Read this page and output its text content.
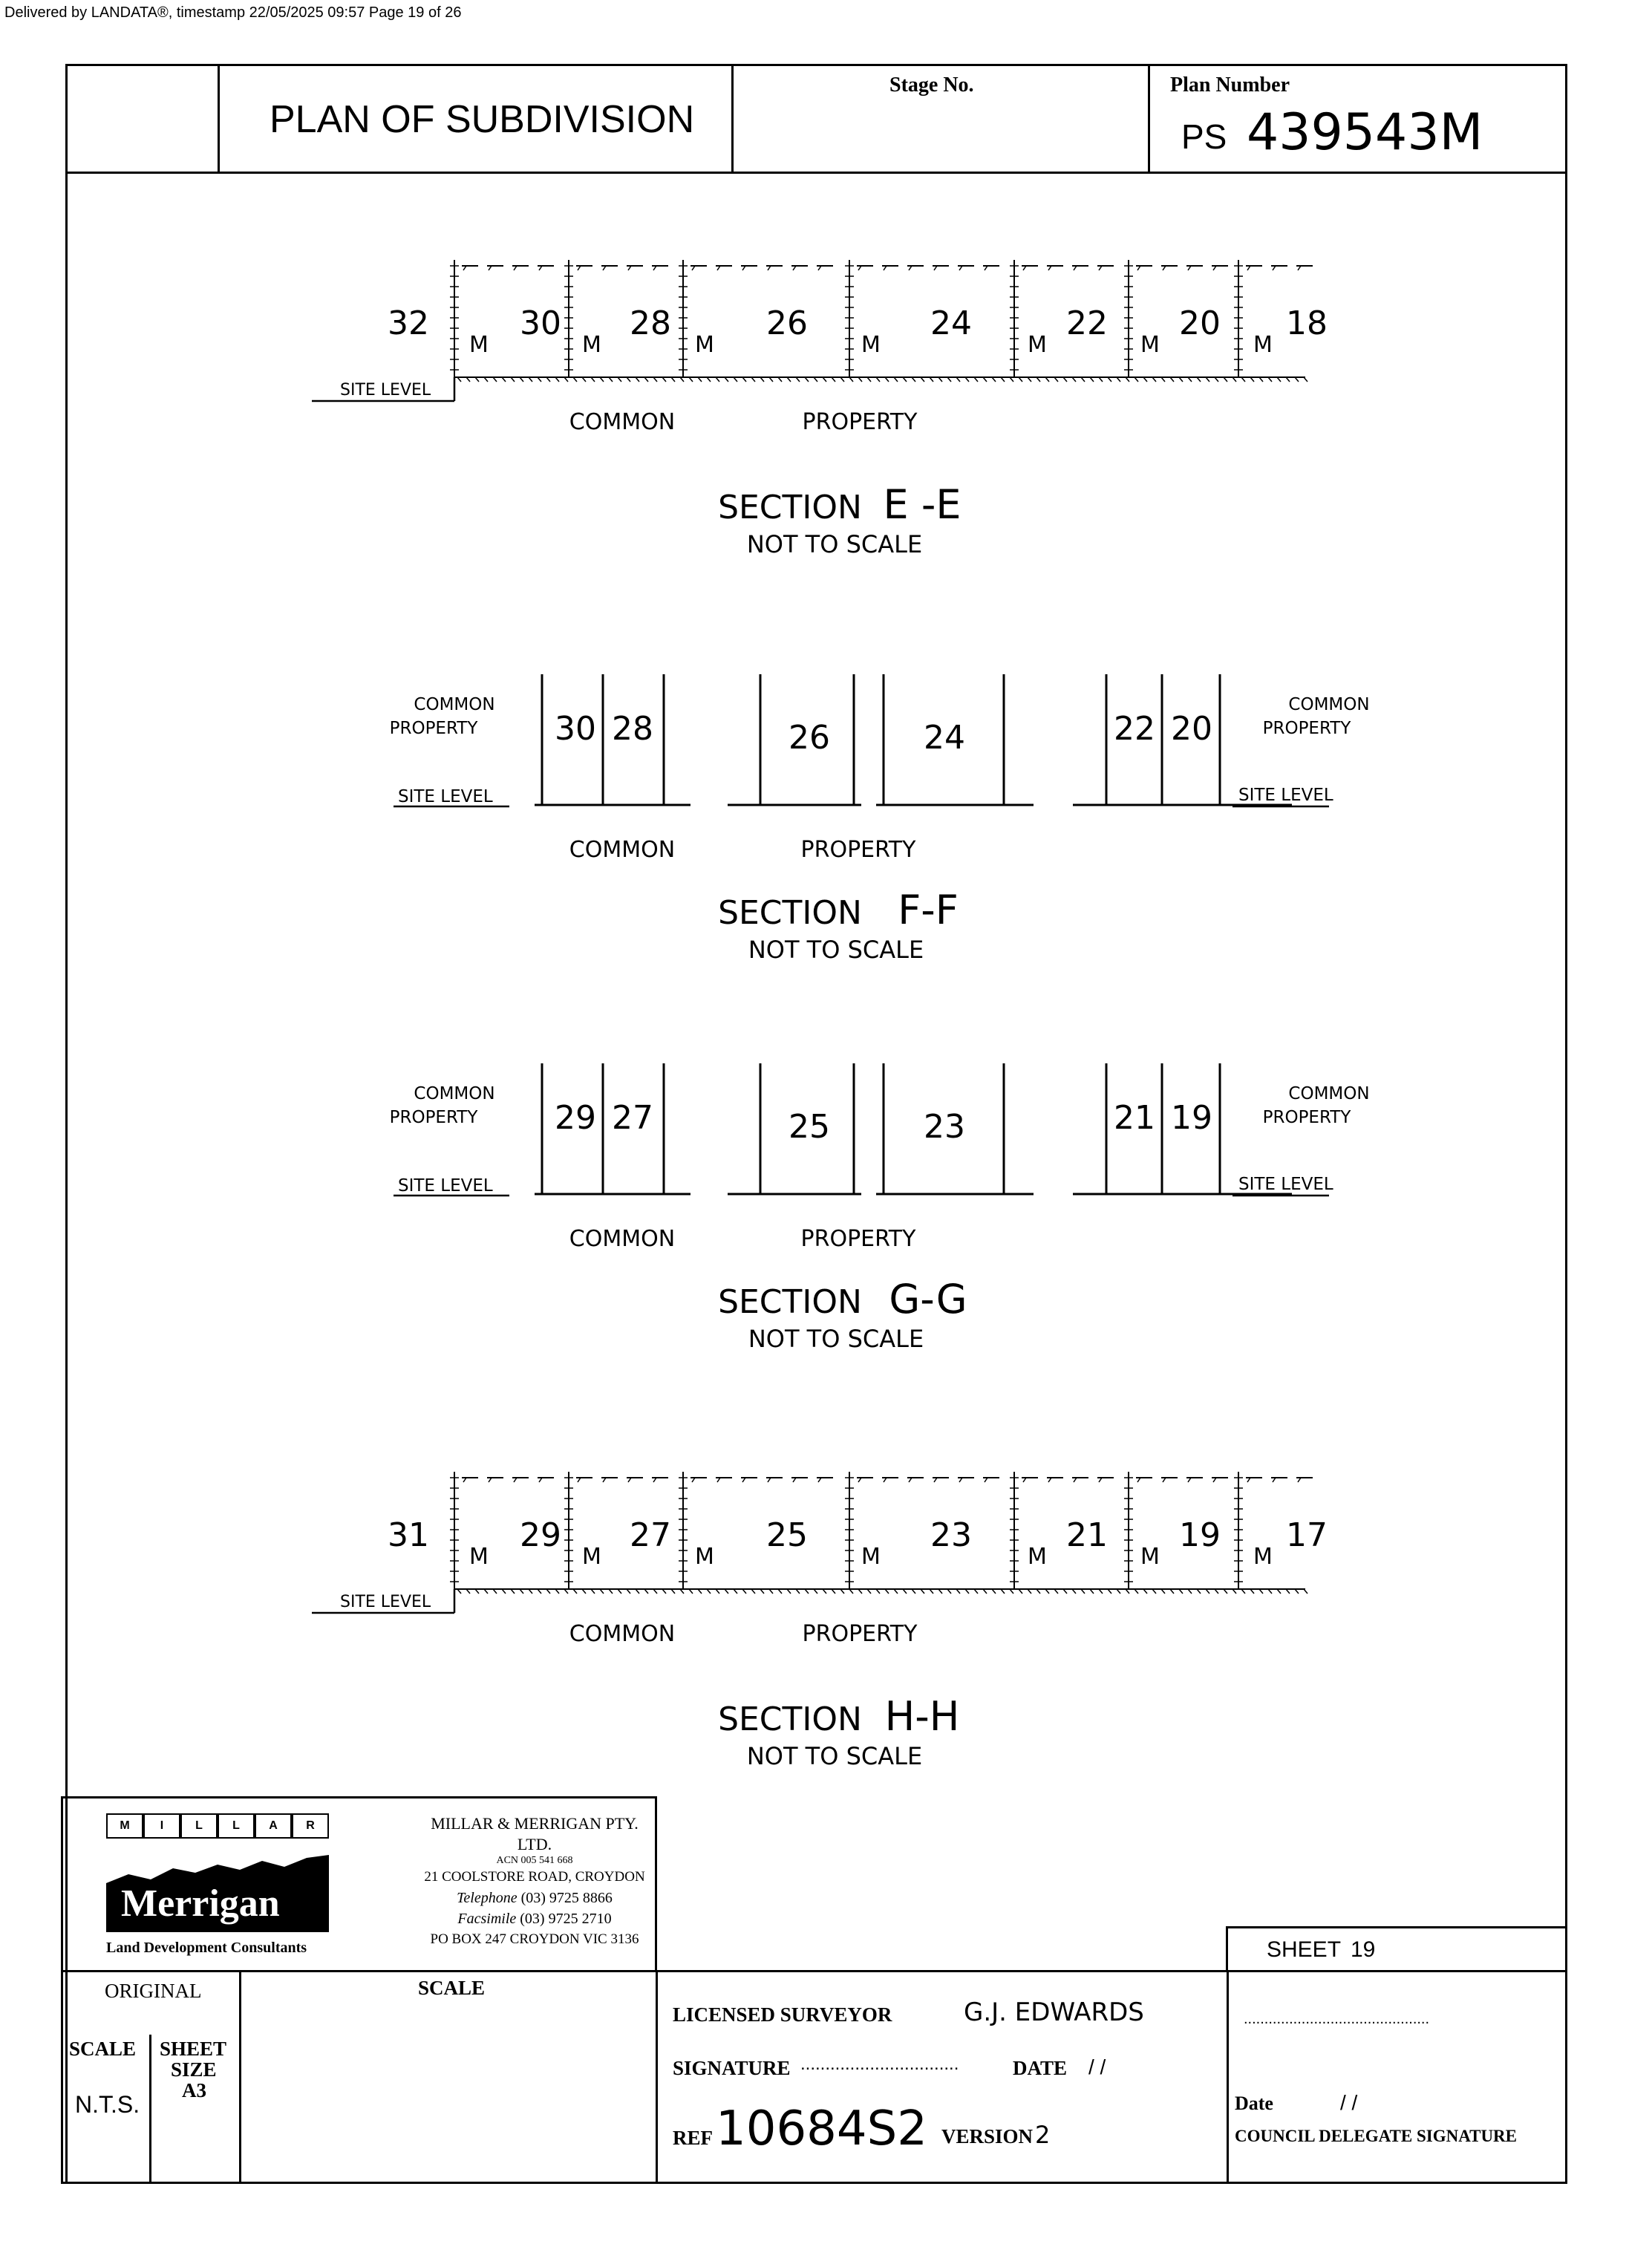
Delivered by LANDATA®, timestamp 22/05/2025 09:57 Page 19 of 26
PLAN OF SUBDIVISION
Stage No.	Plan Number
PS 439543M
SITE LEVEL
32	30 28	26	24	22 20 18
M	M	M	M	M	M	M
COMMON	PROPERTY
SECTION E -E
NOT TO SCALE
30 28	26	24	22 20
COMMON
PROPERTY
SITE LEVEL
COMMON
PROPERTY
SITE LEVEL
COMMON	PROPERTY
SECTION F-F
NOT TO SCALE
29 27	25	23	21 19
COMMON
PROPERTY
SITE LEVEL
COMMON
PROPERTY
SITE LEVEL
COMMON	PROPERTY
SECTION G-G
NOT TO SCALE
SITE LEVEL
31	29 27	25	23	21 19 17
M	M	M	M	M	M	M
COMMON	PROPERTY
SECTION H-H
NOT TO SCALE
M	I	L	L	A	R
Merrigan
Land Development Consultants
MILLAR & MERRIGAN PTY. LTD.
ACN 005 541 668
21 COOLSTORE ROAD, CROYDON
Telephone (03) 9725 8866
Facsimile (03) 9725 2710
PO BOX 247 CROYDON VIC 3136	SHEET 19
ORIGINAL
SCALE
N.T.S.
SHEET
SIZE
A3
SCALE
LICENSED SURVEYOR	G.J. EDWARDS
SIGNATURE ................................	DATE / /
REF 10684S2 VERSION 2
.............................................
Date	/ /
COUNCIL DELEGATE SIGNATURE
